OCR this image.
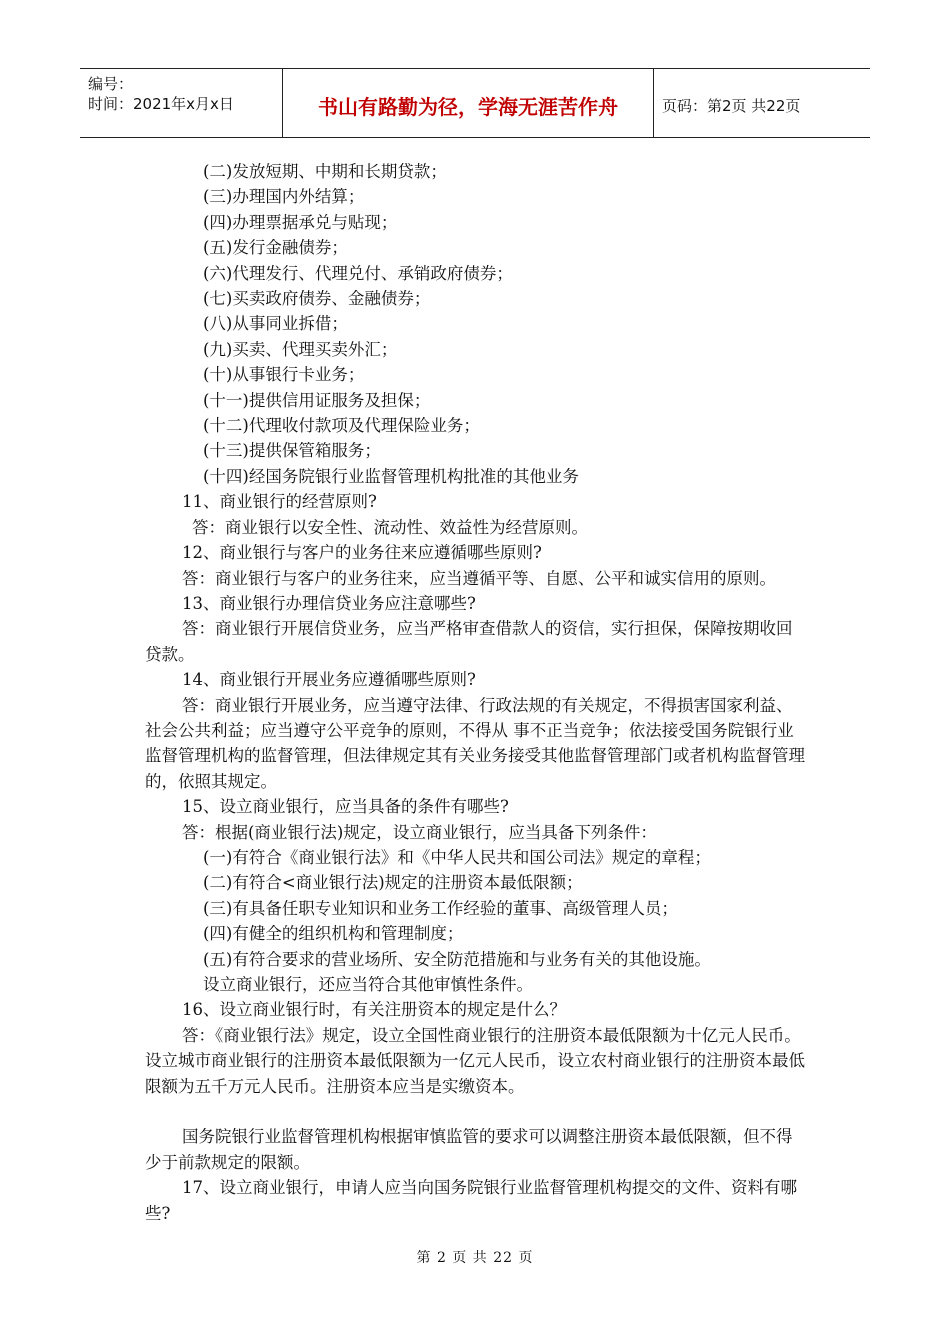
编号：
时间：2021年x月x日	书山有路勤为径，学海无涯苦作舟	页码：第2页 共22页

(二)发放短期、中期和长期贷款；

(三)办理国内外结算；

(四)办理票据承兑与贴现；

(五)发行金融债券；

(六)代理发行、代理兑付、承销政府债券；

(七)买卖政府债券、金融债券；

(八)从事同业拆借；

(九)买卖、代理买卖外汇；

(十)从事银行卡业务；

(十一)提供信用证服务及担保；

(十二)代理收付款项及代理保险业务；

(十三)提供保管箱服务；

(十四)经国务院银行业监督管理机构批准的其他业务

11、商业银行的经营原则?

答：商业银行以安全性、流动性、效益性为经营原则。

12、商业银行与客户的业务往来应遵循哪些原则?

答：商业银行与客户的业务往来，应当遵循平等、自愿、公平和诚实信用的原则。

13、商业银行办理信贷业务应注意哪些?

答：商业银行开展信贷业务，应当严格审查借款人的资信，实行担保，保障按期收回贷款。

14、商业银行开展业务应遵循哪些原则?

答：商业银行开展业务，应当遵守法律、行政法规的有关规定，不得损害国家利益、社会公共利益；应当遵守公平竞争的原则，不得从 事不正当竞争；依法接受国务院银行业监督管理机构的监督管理，但法律规定其有关业务接受其他监督管理部门或者机构监督管理的，依照其规定。

15、设立商业银行，应当具备的条件有哪些?

答：根据(商业银行法)规定，设立商业银行，应当具备下列条件：

(一)有符合《商业银行法》和《中华人民共和国公司法》规定的章程；

(二)有符合<商业银行法)规定的注册资本最低限额；

(三)有具备任职专业知识和业务工作经验的董事、高级管理人员；

(四)有健全的组织机构和管理制度；

(五)有符合要求的营业场所、安全防范措施和与业务有关的其他设施。

设立商业银行，还应当符合其他审慎性条件。

16、设立商业银行时，有关注册资本的规定是什么？

答：《商业银行法》规定，设立全国性商业银行的注册资本最低限额为十亿元人民币。设立城市商业银行的注册资本最低限额为一亿元人民币，设立农村商业银行的注册资本最低限额为五千万元人民币。注册资本应当是实缴资本。

国务院银行业监督管理机构根据审慎监管的要求可以调整注册资本最低限额，但不得少于前款规定的限额。

17、设立商业银行，申请人应当向国务院银行业监督管理机构提交的文件、资料有哪些?

第 2 页 共 22 页
